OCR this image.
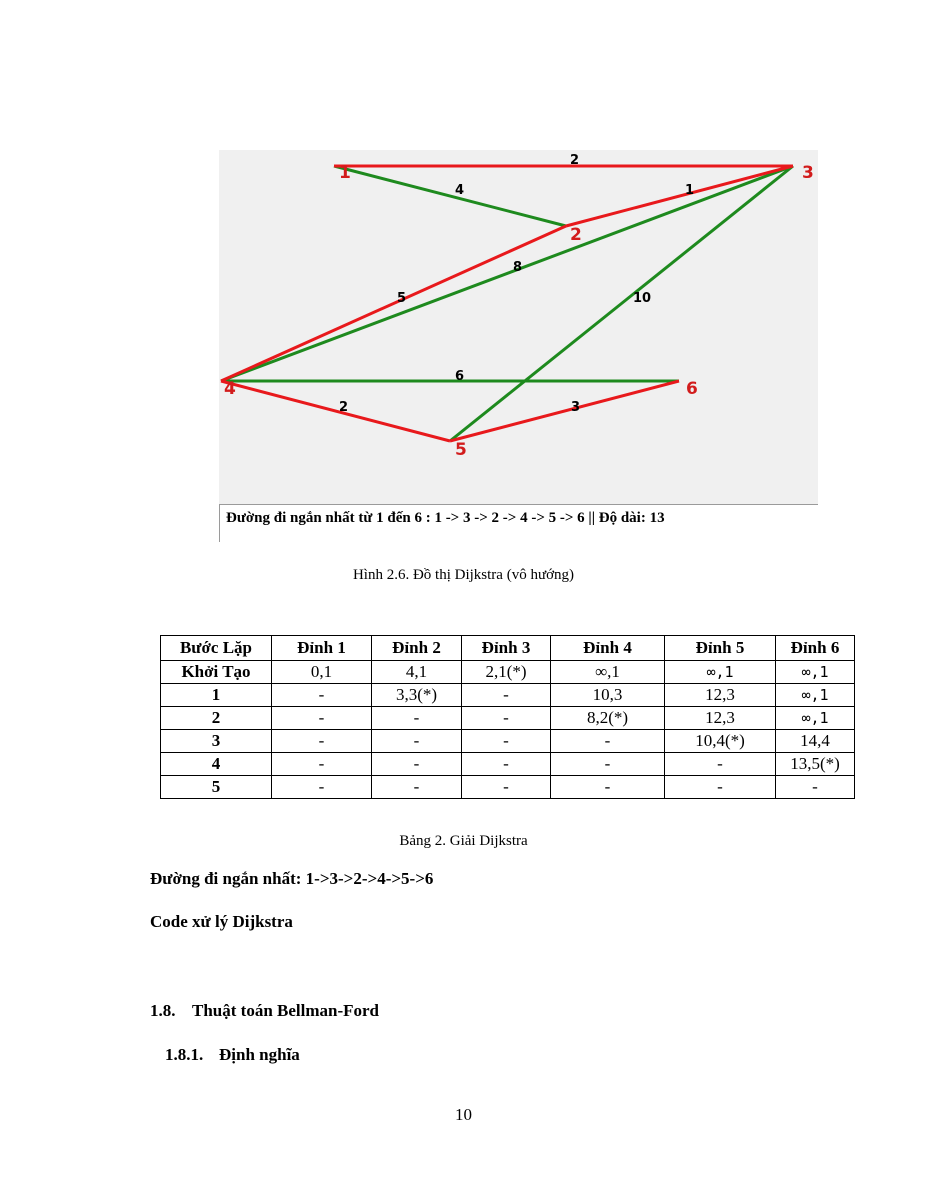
2
4	1
5
8
10
6
2	3
1
2
3
4
5
6
Đường đi ngắn nhất từ 1 đến 6 : 1 -> 3 -> 2 -> 4 -> 5 -> 6 || Độ dài: 13
Hình 2.6. Đồ thị Dijkstra (vô hướng)
Bước Lặp	Đỉnh 1	Đỉnh 2	Đỉnh 3	Đỉnh 4	Đỉnh 5	Đỉnh 6
Khởi Tạo	0,1	4,1	2,1(*)	∞,1	∞,1	∞,1
1	-	3,3(*)	-	10,3	12,3	∞,1
2	-	-	-	8,2(*)	12,3	∞,1
3	-	-	-	-	10,4(*)	14,4
4	-	-	-	-	-	13,5(*)
5	-	-	-	-	-	-
Bảng 2. Giải Dijkstra
Đường đi ngắn nhất: 1->3->2->4->5->6
Code xử lý Dijkstra
1.8. Thuật toán Bellman-Ford
1.8.1. Định nghĩa
10
